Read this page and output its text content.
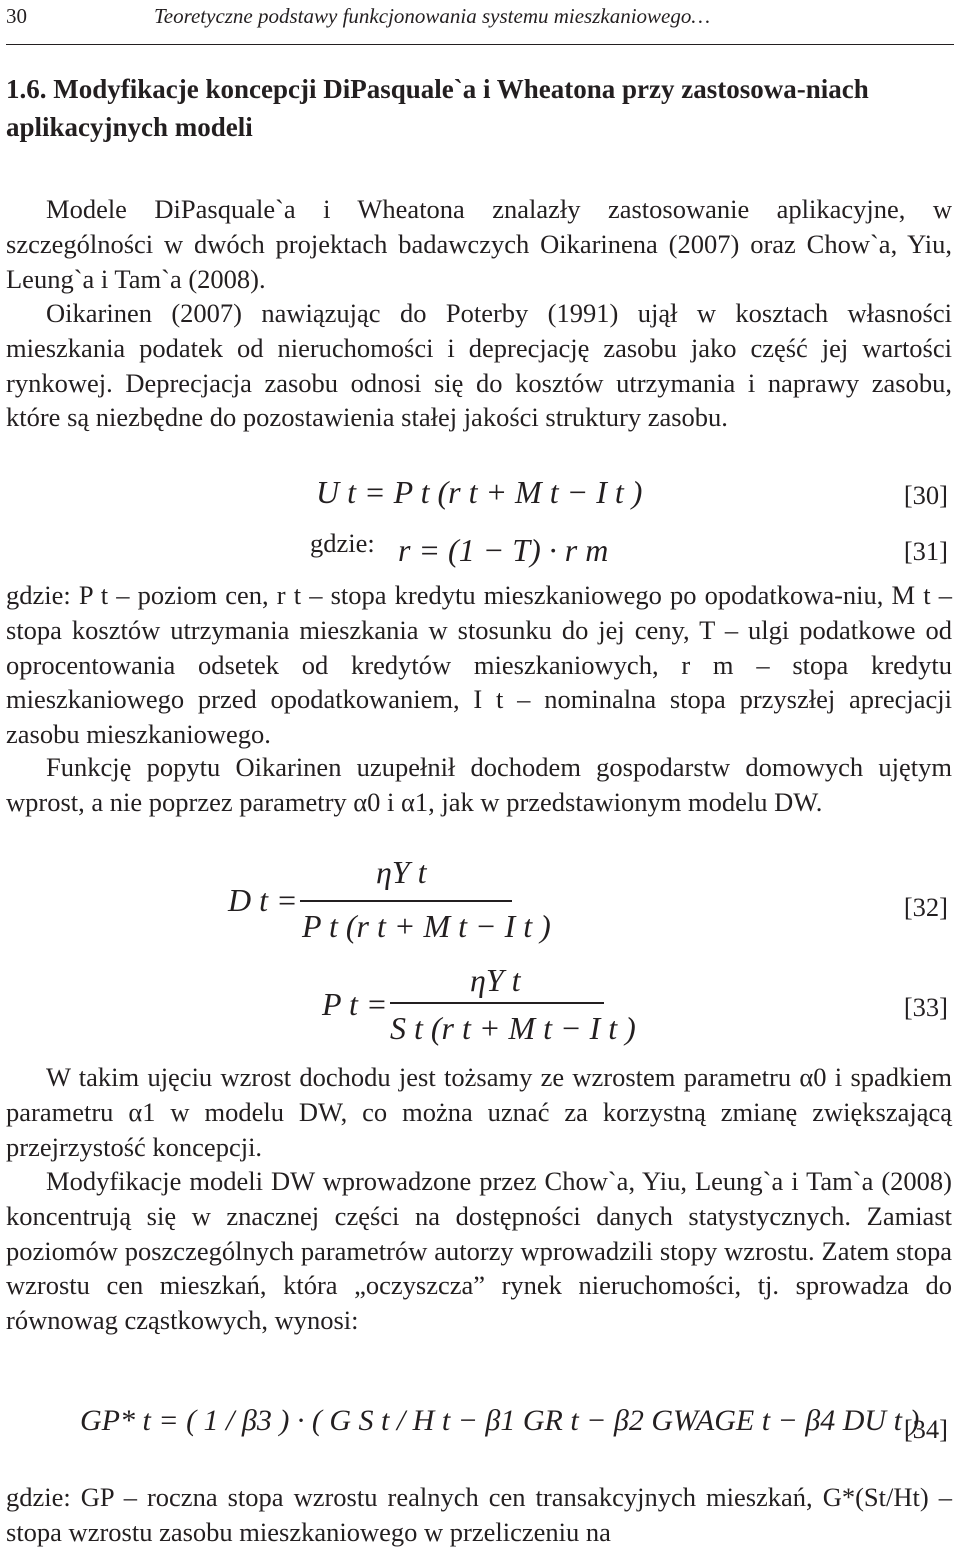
30	Teoretyczne podstawy funkcjonowania systemu mieszkaniowego…
1.6. Modyfikacje koncepcji DiPasquale`a i Wheatona przy zastosowa-niach aplikacyjnych modeli

Modele DiPasquale`a i Wheatona znalazły zastosowanie aplikacyjne, w szczególności w dwóch projektach badawczych Oikarinena (2007) oraz Chow`a, Yiu, Leung`a i Tam`a (2008).

Oikarinen (2007) nawiązując do Poterby (1991) ujął w kosztach własności mieszkania podatek od nieruchomości i deprecjację zasobu jako część jej wartości rynkowej. Deprecjacja zasobu odnosi się do kosztów utrzymania i naprawy zasobu, które są niezbędne do pozostawienia stałej jakości struktury zasobu.

U t = P t (r t + M t − I t )	[30]
gdzie: r = (1 − T) · r m	[31]

gdzie: P t – poziom cen, r t – stopa kredytu mieszkaniowego po opodatkowa-niu, M t – stopa kosztów utrzymania mieszkania w stosunku do jej ceny, T – ulgi podatkowe od oprocentowania odsetek od kredytów mieszkaniowych, r m – stopa kredytu mieszkaniowego przed opodatkowaniem, I t – nominalna stopa przyszłej aprecjacji zasobu mieszkaniowego.

Funkcję popytu Oikarinen uzupełnił dochodem gospodarstw domowych ujętym wprost, a nie poprzez parametry α0 i α1, jak w przedstawionym modelu DW.

D t =
ηY t
P t (r t + M t − I t )
[32]
P t =
ηY t
S t (r t + M t − I t )
[33]

W takim ujęciu wzrost dochodu jest tożsamy ze wzrostem parametru α0 i spadkiem parametru α1 w modelu DW, co można uznać za korzystną zmianę zwiększającą przejrzystość koncepcji.

Modyfikacje modeli DW wprowadzone przez Chow`a, Yiu, Leung`a i Tam`a (2008) koncentrują się w znacznej części na dostępności danych statystycznych. Zamiast poziomów poszczególnych parametrów autorzy wprowadzili stopy wzrostu. Zatem stopa wzrostu cen mieszkań, która „oczyszcza” rynek nieruchomości, tj. sprowadza do równowag cząstkowych, wynosi:

GP* t = ( 1 / β3 ) · ( G S t / H t − β1 GR t − β2 GWAGE t − β4 DU t )
[34]

gdzie: GP – roczna stopa wzrostu realnych cen transakcyjnych mieszkań, G*(St/Ht) – stopa wzrostu zasobu mieszkaniowego w przeliczeniu na
